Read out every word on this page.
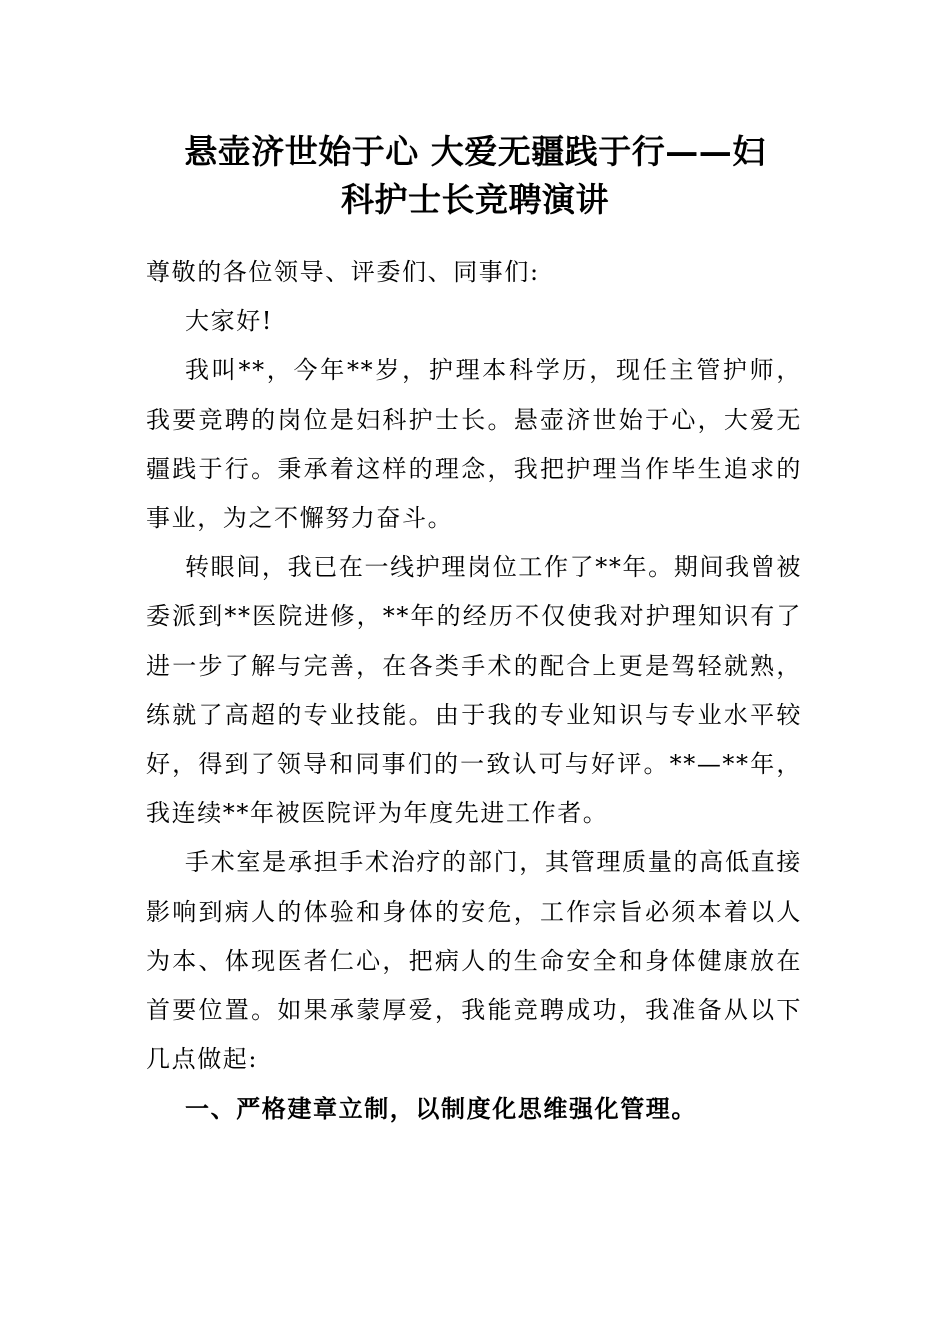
悬壶济世始于心 大爱无疆践于行——妇
科护士长竞聘演讲

尊敬的各位领导、评委们、同事们:

大家好!

我叫**，今年**岁，护理本科学历，现任主管护师，我要竞聘的岗位是妇科护士长。悬壶济世始于心，大爱无疆践于行。秉承着这样的理念，我把护理当作毕生追求的事业，为之不懈努力奋斗。

转眼间，我已在一线护理岗位工作了**年。期间我曾被委派到**医院进修，**年的经历不仅使我对护理知识有了进一步了解与完善，在各类手术的配合上更是驾轻就熟，练就了高超的专业技能。由于我的专业知识与专业水平较好，得到了领导和同事们的一致认可与好评。**—**年，我连续**年被医院评为年度先进工作者。

手术室是承担手术治疗的部门，其管理质量的高低直接影响到病人的体验和身体的安危，工作宗旨必须本着以人为本、体现医者仁心，把病人的生命安全和身体健康放在首要位置。如果承蒙厚爱，我能竞聘成功，我准备从以下几点做起:

一、严格建章立制，以制度化思维强化管理。
